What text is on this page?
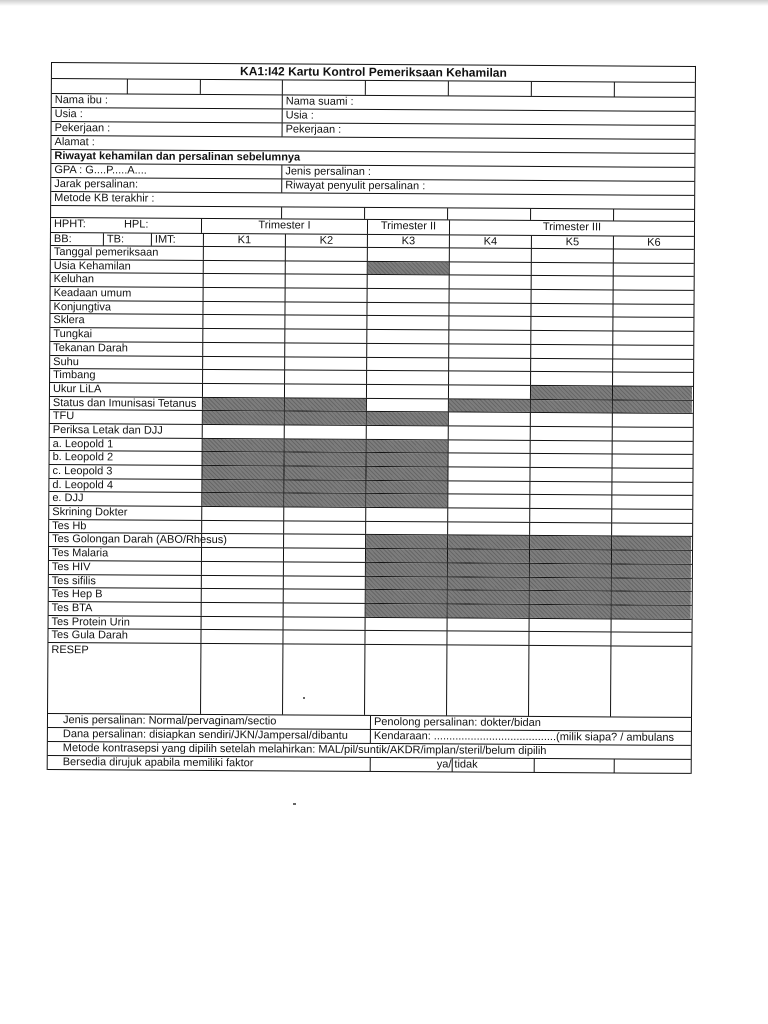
KA1:I42 Kartu Kontrol Pemeriksaan Kehamilan
Nama ibu :	Nama suami :
Usia :	Usia :
Pekerjaan :	Pekerjaan :
Alamat :
Riwayat kehamilan dan persalinan sebelumnya
GPA : G....P.....A....	Jenis persalinan :
Jarak persalinan:	Riwayat penyulit persalinan :
Metode KB terakhir :
HPHT:	HPL:	Trimester I	Trimester II	Trimester III
BB:	TB:	IMT:	K1	K2	K3	K4	K5	K6
Tanggal pemeriksaan
Usia Kehamilan
Keluhan
Keadaan umum
Konjungtiva
Sklera
Tungkai
Tekanan Darah
Suhu
Timbang
Ukur LiLA
Status dan Imunisasi Tetanus
TFU
Periksa Letak dan DJJ
a. Leopold 1
b. Leopold 2
c. Leopold 3
d. Leopold 4
e. DJJ
Skrining Dokter
Tes Hb
Tes Golongan Darah (ABO/Rhesus)
Tes Malaria
Tes HIV
Tes sifilis
Tes Hep B
Tes BTA
Tes Protein Urin
Tes Gula Darah
RESEP
Jenis persalinan: Normal/pervaginam/sectio	Penolong persalinan: dokter/bidan
Dana persalinan: disiapkan sendiri/JKN/Jampersal/dibantu	Kendaraan: ........................................(milik siapa? / ambulans
Metode kontrasepsi yang dipilih setelah melahirkan: MAL/pil/suntik/AKDR/implan/steril/belum dipilih
Bersedia dirujuk apabila memiliki faktor	ya/ tidak
